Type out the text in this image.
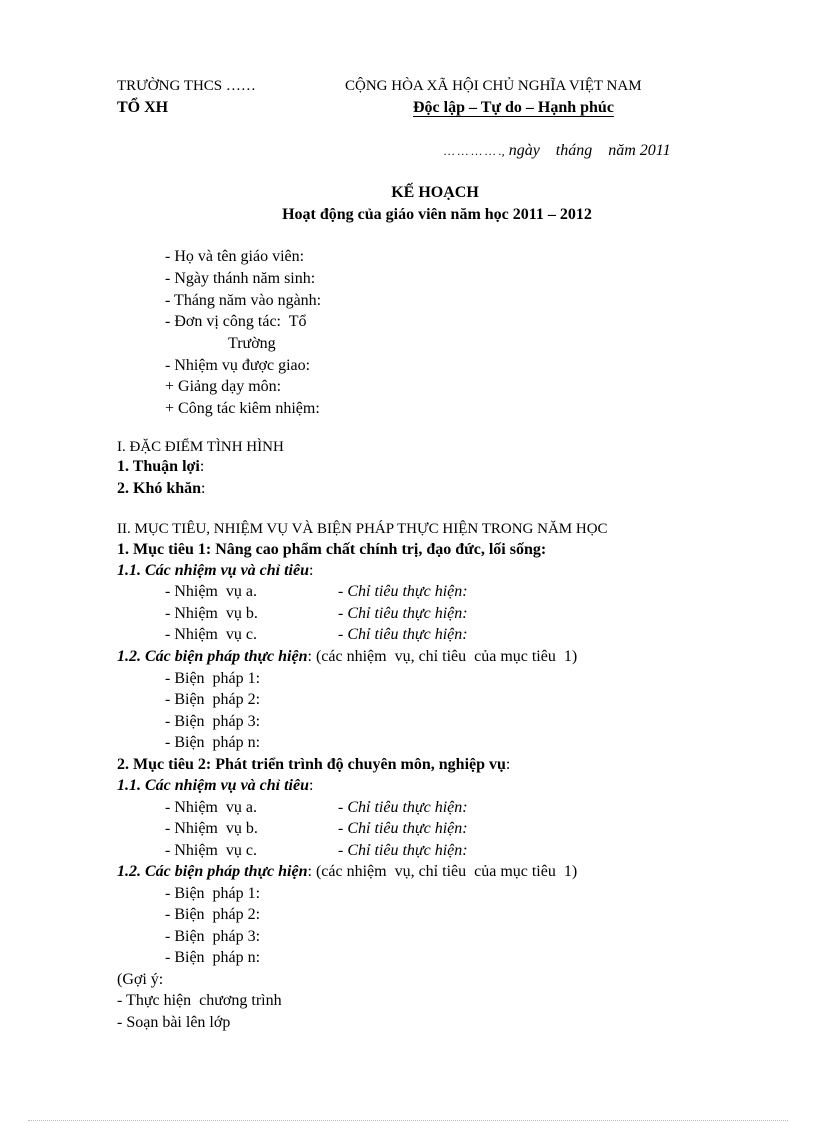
TRƯỜNG THCS ……	CỘNG HÒA XÃ HỘI CHỦ NGHĨA VIỆT NAM
TỔ XH	Độc lập – Tự do – Hạnh phúc
… … … … ., ngày    tháng    năm 2011
KẾ HOẠCH
Hoạt động của giáo viên năm học 2011 – 2012
- Họ và tên giáo viên:
- Ngày thánh năm sinh:
- Tháng năm vào ngành:
- Đơn vị công tác:  Tổ
Trường
- Nhiệm vụ được giao:
+ Giảng dạy môn:
+ Công tác kiêm nhiệm:
I. ĐẶC ĐIỂM TÌNH HÌNH
1. Thuận lợi:
2. Khó khăn:
II. MỤC TIÊU, NHIỆM VỤ VÀ BIỆN PHÁP THỰC HIỆN TRONG NĂM HỌC
1. Mục tiêu 1: Nâng cao phẩm chất chính trị, đạo đức, lối sống:
1.1. Các nhiệm vụ và chỉ tiêu:
- Nhiệm  vụ a.	- Chỉ tiêu thực hiện:
- Nhiệm  vụ b.	- Chỉ tiêu thực hiện:
- Nhiệm  vụ c.	- Chỉ tiêu thực hiện:
1.2. Các biện pháp thực hiện: (các nhiệm  vụ, chỉ tiêu  của mục tiêu  1)
- Biện  pháp 1:
- Biện  pháp 2:
- Biện  pháp 3:
- Biện  pháp n:
2. Mục tiêu 2: Phát triển trình độ chuyên môn, nghiệp vụ:
1.1. Các nhiệm vụ và chỉ tiêu:
- Nhiệm  vụ a.	- Chỉ tiêu thực hiện:
- Nhiệm  vụ b.	- Chỉ tiêu thực hiện:
- Nhiệm  vụ c.	- Chỉ tiêu thực hiện:
1.2. Các biện pháp thực hiện: (các nhiệm  vụ, chỉ tiêu  của mục tiêu  1)
- Biện  pháp 1:
- Biện  pháp 2:
- Biện  pháp 3:
- Biện  pháp n:
(Gợi ý:
- Thực hiện  chương trình
- Soạn bài lên lớp
